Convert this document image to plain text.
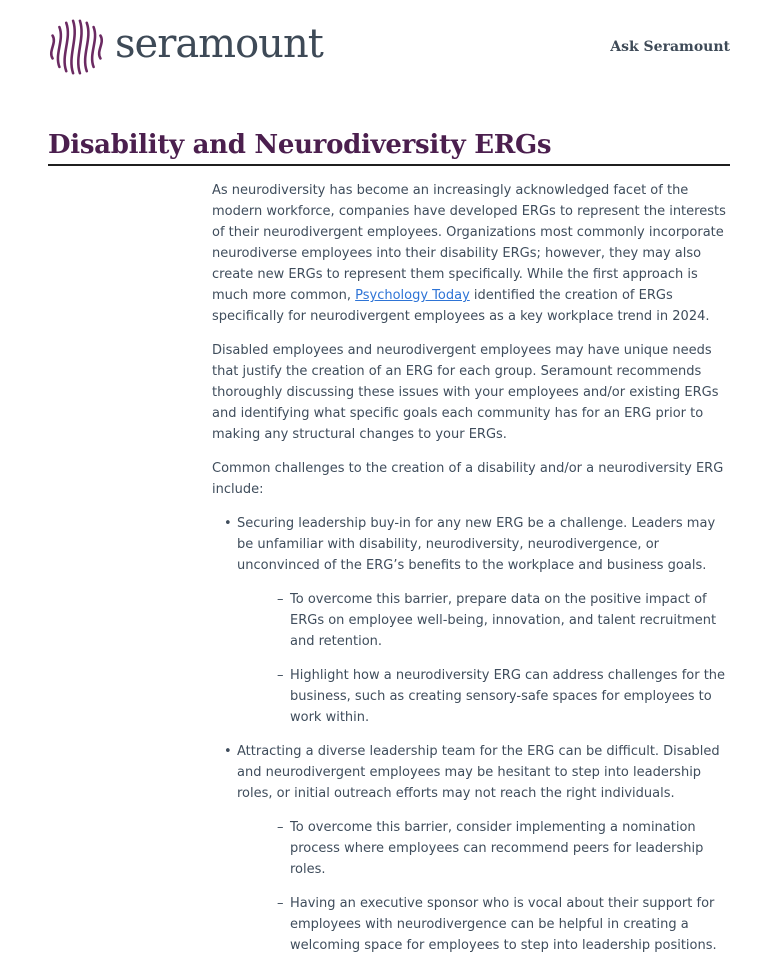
seramount	Ask Seramount
Disability and Neurodiversity ERGs

As neurodiversity has become an increasingly acknowledged facet of the modern workforce, companies have developed ERGs to represent the interests of their neurodivergent employees. Organizations most commonly incorporate neurodiverse employees into their disability ERGs; however, they may also create new ERGs to represent them specifically. While the first approach is much more common, Psychology Today identified the creation of ERGs specifically for neurodivergent employees as a key workplace trend in 2024.

Disabled employees and neurodivergent employees may have unique needs that justify the creation of an ERG for each group. Seramount recommends thoroughly discussing these issues with your employees and/or existing ERGs and identifying what specific goals each community has for an ERG prior to making any structural changes to your ERGs.

Common challenges to the creation of a disability and/or a neurodiversity ERG include:

• Securing leadership buy-in for any new ERG be a challenge. Leaders may be unfamiliar with disability, neurodiversity, neurodivergence, or unconvinced of the ERG’s benefits to the workplace and business goals.
– To overcome this barrier, prepare data on the positive impact of ERGs on employee well-being, innovation, and talent recruitment and retention.
– Highlight how a neurodiversity ERG can address challenges for the business, such as creating sensory-safe spaces for employees to work within.
• Attracting a diverse leadership team for the ERG can be difficult. Disabled and neurodivergent employees may be hesitant to step into leadership roles, or initial outreach efforts may not reach the right individuals.
– To overcome this barrier, consider implementing a nomination process where employees can recommend peers for leadership roles.
– Having an executive sponsor who is vocal about their support for employees with neurodivergence can be helpful in creating a welcoming space for employees to step into leadership positions.
